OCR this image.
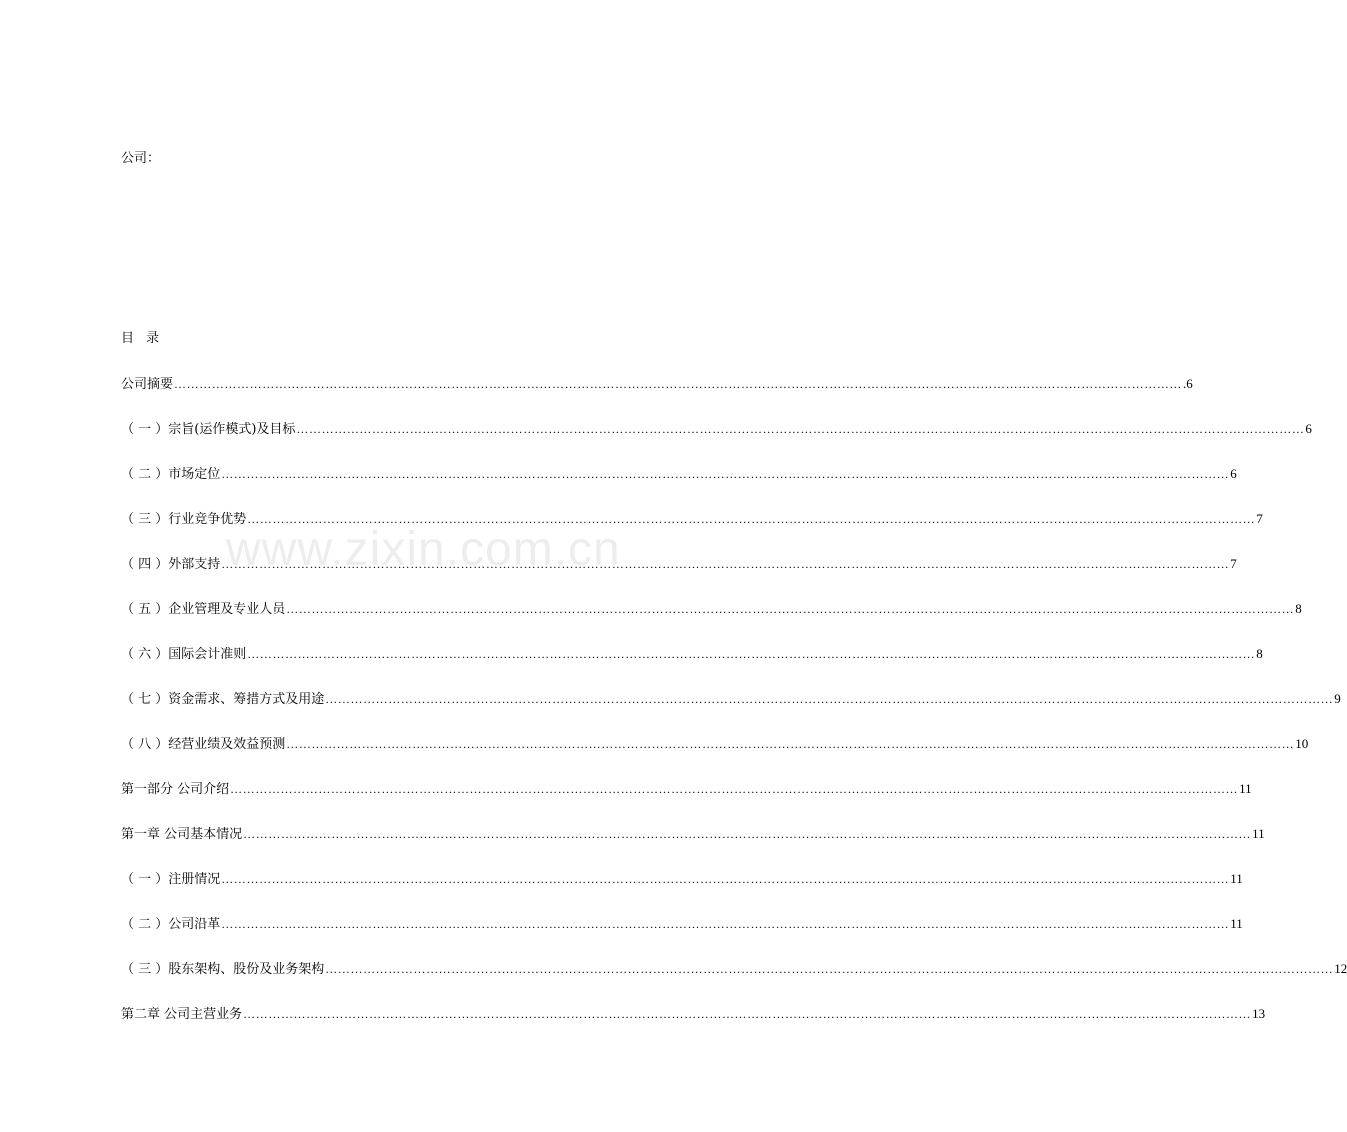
公司：
目 录
公司摘要 ……………………………………………………………………………………………………………………………………………………………………………………………………………………	.6
（ 一 ）宗旨(运作模式)及目标 ……………………………………………………………………………………………………………………………………………………………………………………………………………………	6
（ 二 ）市场定位 ……………………………………………………………………………………………………………………………………………………………………………………………………………………	6
（ 三 ）行业竞争优势 ……………………………………………………………………………………………………………………………………………………………………………………………………………………	7
（ 四 ）外部支持 ……………………………………………………………………………………………………………………………………………………………………………………………………………………	7
（ 五 ）企业管理及专业人员 ……………………………………………………………………………………………………………………………………………………………………………………………………………………	8
（ 六 ）国际会计准则 ……………………………………………………………………………………………………………………………………………………………………………………………………………………	8
（ 七 ）资金需求、筹措方式及用途 ……………………………………………………………………………………………………………………………………………………………………………………………………………………	9
（ 八 ）经营业绩及效益预测 ……………………………………………………………………………………………………………………………………………………………………………………………………………………	10
第一部分 公司介绍 ……………………………………………………………………………………………………………………………………………………………………………………………………………………	11
第一章 公司基本情况 ……………………………………………………………………………………………………………………………………………………………………………………………………………………	11
（ 一 ）注册情况 ……………………………………………………………………………………………………………………………………………………………………………………………………………………	11
（ 二 ）公司沿革 ……………………………………………………………………………………………………………………………………………………………………………………………………………………	11
（ 三 ）股东架构、股份及业务架构 ……………………………………………………………………………………………………………………………………………………………………………………………………………………	12
第二章 公司主营业务 ……………………………………………………………………………………………………………………………………………………………………………………………………………………	13
www.zixin.com.cn
